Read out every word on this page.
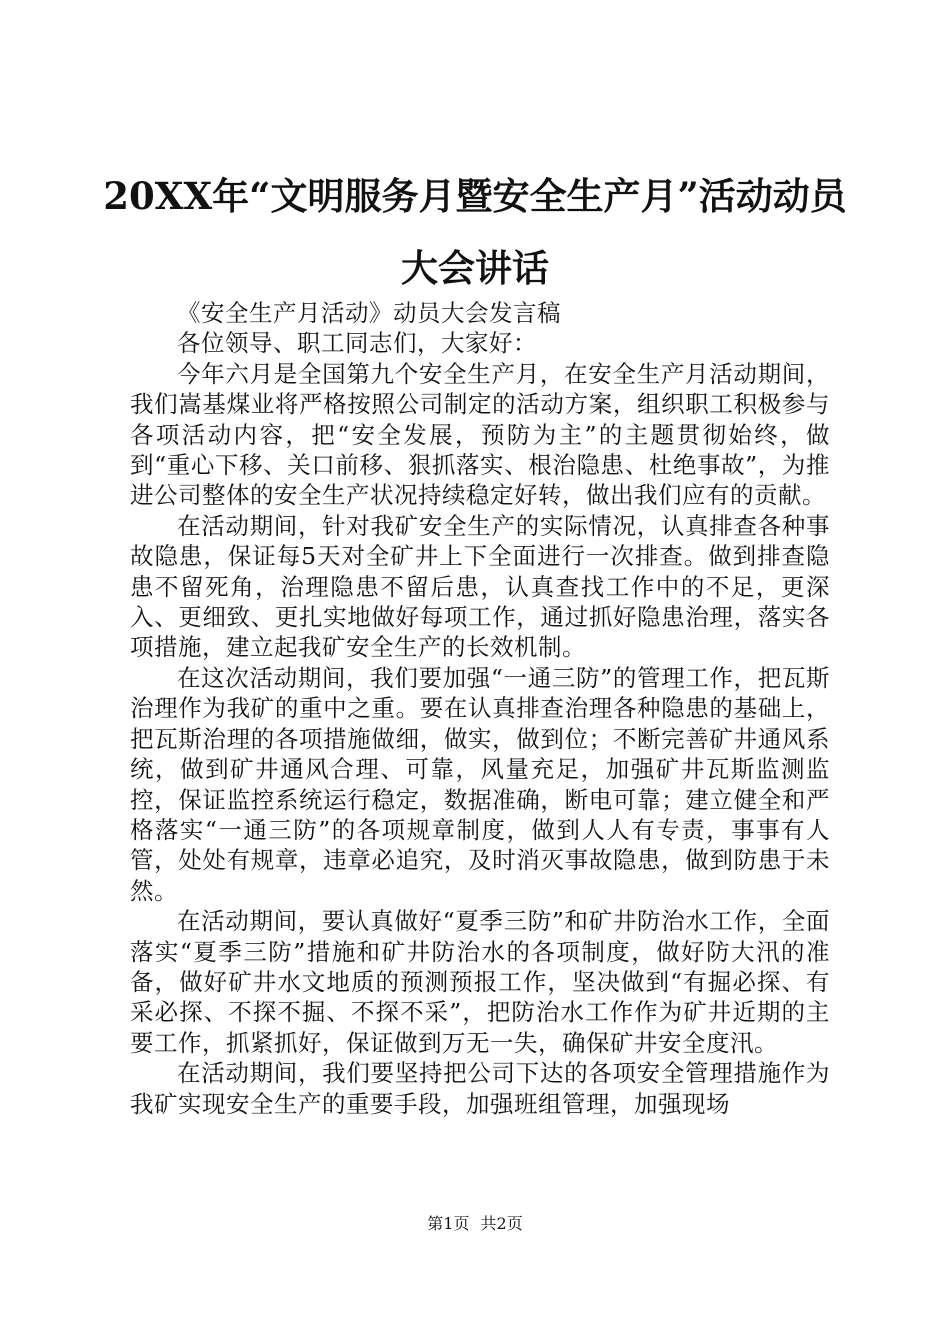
20XX年“文明服务月暨安全生产月”活动动员大会讲话

《安全生产月活动》动员大会发言稿

各位领导、职工同志们，大家好：

今年六月是全国第九个安全生产月，在安全生产月活动期间，我们嵩基煤业将严格按照公司制定的活动方案，组织职工积极参与各项活动内容，把“安全发展，预防为主”的主题贯彻始终，做到“重心下移、关口前移、狠抓落实、根治隐患、杜绝事故”，为推进公司整体的安全生产状况持续稳定好转，做出我们应有的贡献。

在活动期间，针对我矿安全生产的实际情况，认真排查各种事故隐患，保证每5天对全矿井上下全面进行一次排查。做到排查隐患不留死角，治理隐患不留后患，认真查找工作中的不足，更深入、更细致、更扎实地做好每项工作，通过抓好隐患治理，落实各项措施，建立起我矿安全生产的长效机制。

在这次活动期间，我们要加强“一通三防”的管理工作，把瓦斯治理作为我矿的重中之重。要在认真排查治理各种隐患的基础上，把瓦斯治理的各项措施做细，做实，做到位；不断完善矿井通风系统，做到矿井通风合理、可靠，风量充足，加强矿井瓦斯监测监控，保证监控系统运行稳定，数据准确，断电可靠；建立健全和严格落实“一通三防”的各项规章制度，做到人人有专责，事事有人管，处处有规章，违章必追究，及时消灭事故隐患，做到防患于未然。

在活动期间，要认真做好“夏季三防”和矿井防治水工作，全面落实“夏季三防”措施和矿井防治水的各项制度，做好防大汛的准备，做好矿井水文地质的预测预报工作，坚决做到“有掘必探、有采必探、不探不掘、不探不采”，把防治水工作作为矿井近期的主要工作，抓紧抓好，保证做到万无一失，确保矿井安全度汛。

在活动期间，我们要坚持把公司下达的各项安全管理措施作为我矿实现安全生产的重要手段，加强班组管理，加强现场

第1页 共2页
